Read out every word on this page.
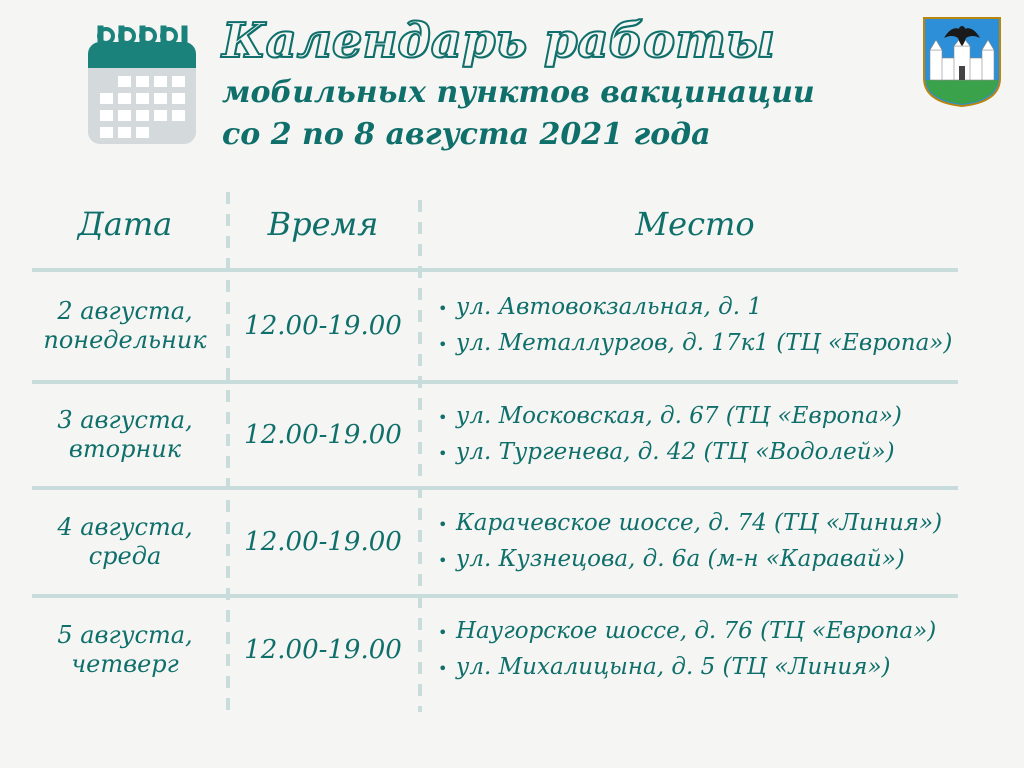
Календарь работы

мобильных пунктов вакцинации

со 2 по 8 августа 2021 года

Дата	Время	Место
2 августа,
понедельник	12.00-19.00
• ул. Автовокзальная, д. 1
• ул. Металлургов, д. 17к1 (ТЦ «Европа»)
3 августа,
вторник	12.00-19.00
• ул. Московская, д. 67 (ТЦ «Европа»)
• ул. Тургенева, д. 42 (ТЦ «Водолей»)
4 августа,
среда	12.00-19.00
• Карачевское шоссе, д. 74 (ТЦ «Линия»)
• ул. Кузнецова, д. 6а (м-н «Каравай»)
5 августа,
четверг	12.00-19.00
• Наугорское шоссе, д. 76 (ТЦ «Европа»)
• ул. Михалицына, д. 5 (ТЦ «Линия»)
